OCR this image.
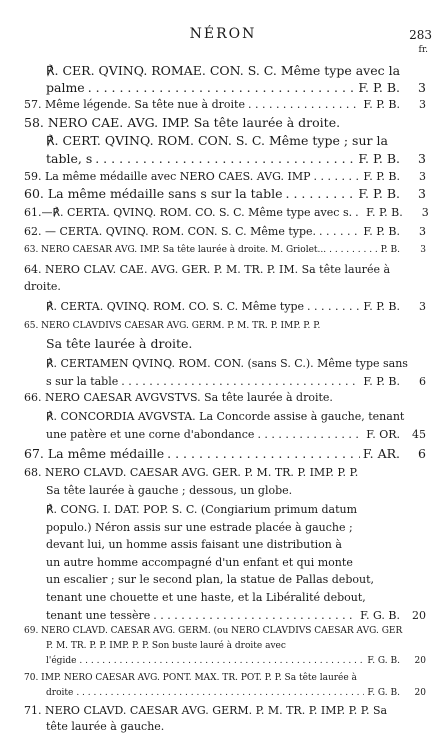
NÉRON	283
fr.
℟. CER. QVINQ. ROMAE. CON. S. C. Même type avec la
palme . . .	F. P. B.	3
57. Même légende. Sa tête nue à droite . . .	F. P. B.	3
58. NERO CAE. AVG. IMP. Sa tête laurée à droite.
℟. CERT. QVINQ. ROM. CON. S. C. Même type ; sur la
table, s . . .	F. P. B.	3
59. La même médaille avec NERO CAES. AVG. IMP . . .	F. P. B.	3
60. La même médaille sans s sur la table . . .	F. P. B.	3
61.—℟. CERTA. QVINQ. ROM. CO. S. C. Même type avec s. . . . F. P. B.	3
62. — CERTA. QVINQ. ROM. CON. S. C. Même type. . . .	F. P. B.	3
63. NERO CAESAR AVG. IMP. Sa tête laurée à droite. M. Griolet... . . .	P. B.	3
64. NERO CLAV. CAE. AVG. GER. P. M. TR. P. IM. Sa tête laurée à
droite.
℟. CERTA. QVINQ. ROM. CO. S. C. Même type . . .	F. P. B.	3
65. NERO CLAVDIVS CAESAR AVG. GERM. P. M. TR. P. IMP. P. P.
Sa tête laurée à droite.
℟. CERTAMEN QVINQ. ROM. CON. (sans S. C.). Même type sans
s sur la table . . .	F. P. B.	6
66. NERO CAESAR AVGVSTVS. Sa tête laurée à droite.
℟. CONCORDIA AVGVSTA. La Concorde assise à gauche, tenant
une patère et une corne d'abondance . . .	F. OR.	45
67. La même médaille . . .	F. AR.	6
68. NERO CLAVD. CAESAR AVG. GER. P. M. TR. P. IMP. P. P.
Sa tête laurée à gauche ; dessous, un globe.
℟. CONG. I. DAT. POP. S. C. (Congiarium primum datum
populo.) Néron assis sur une estrade placée à gauche ;
devant lui, un homme assis faisant une distribution à
un autre homme accompagné d'un enfant et qui monte
un escalier ; sur le second plan, la statue de Pallas debout,
tenant une chouette et une haste, et la Libéralité debout,
tenant une tessère . . .	F. G. B.	20
69. NERO CLAVD. CAESAR AVG. GERM. (ou NERO CLAVDIVS CAESAR AVG. GER
P. M. TR. P. P. IMP. P. P. Son buste lauré à droite avec
l'égide . . .	F. G. B.	20
70. IMP. NERO CAESAR AVG. PONT. MAX. TR. POT. P. P. Sa tête laurée à
droite . . .	F. G. B.	20
71. NERO CLAVD. CAESAR AVG. GERM. P. M. TR. P. IMP. P. P. Sa
tête laurée à gauche.
